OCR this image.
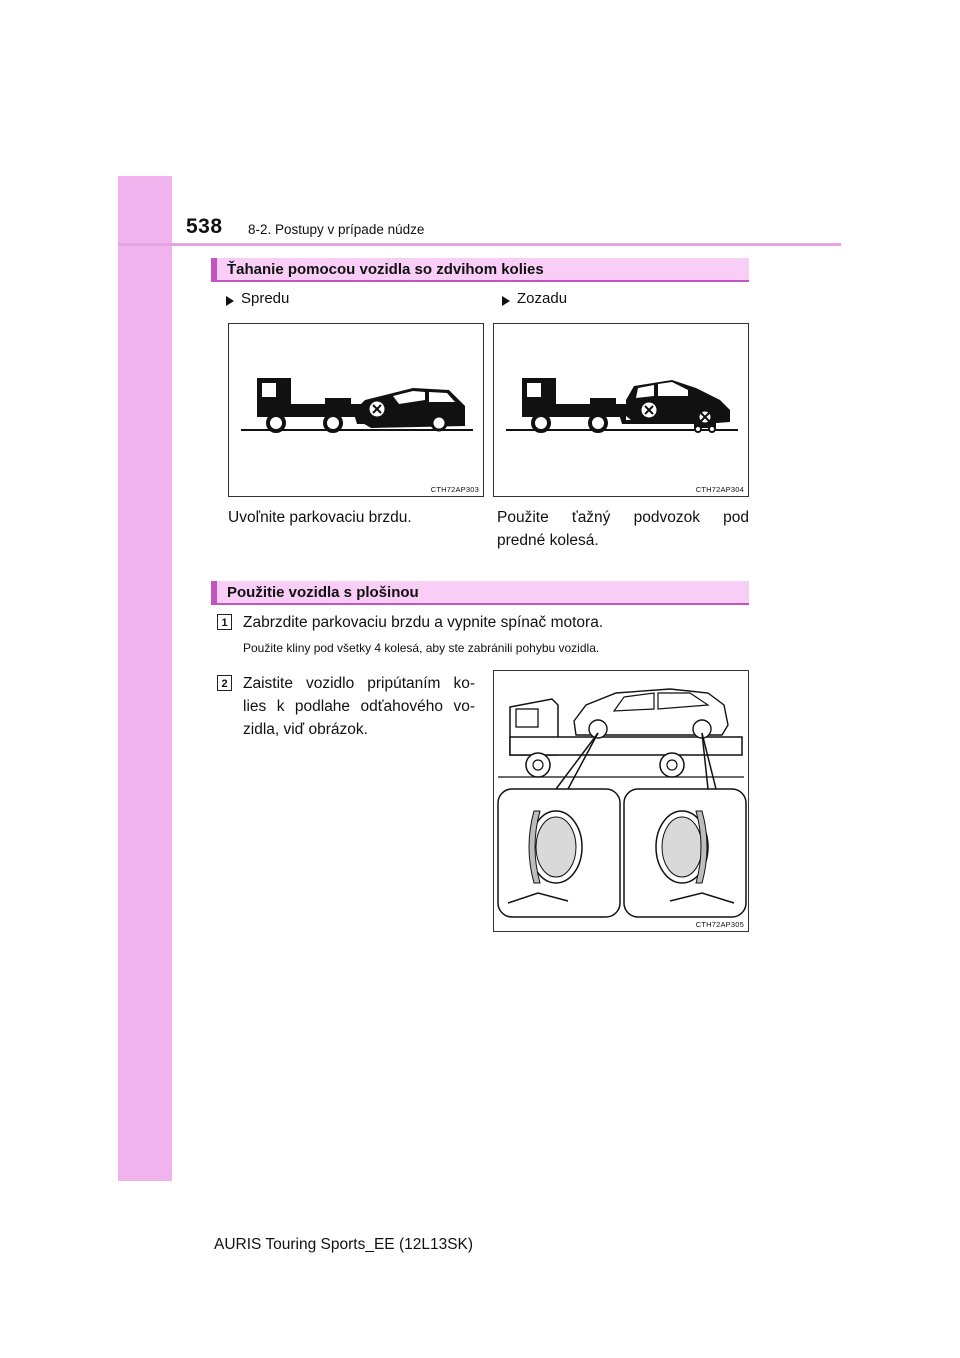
538 8-2. Postupy v prípade núdze
Ťahanie pomocou vozidla so zdvihom kolies
Spredu	Zozadu
CTH72AP303	CTH72AP304
Uvoľnite parkovaciu brzdu.	Použite ťažný podvozok pod
predné kolesá.
Použitie vozidla s plošinou
1 Zabrzdite parkovaciu brzdu a vypnite spínač motora.
Použite kliny pod všetky 4 kolesá, aby ste zabránili pohybu vozidla.
2 Zaistite vozidlo pripútaním ko-
lies k podlahe odťahového vo-
zidla, viď obrázok.
CTH72AP305
AURIS Touring Sports_EE (12L13SK)
